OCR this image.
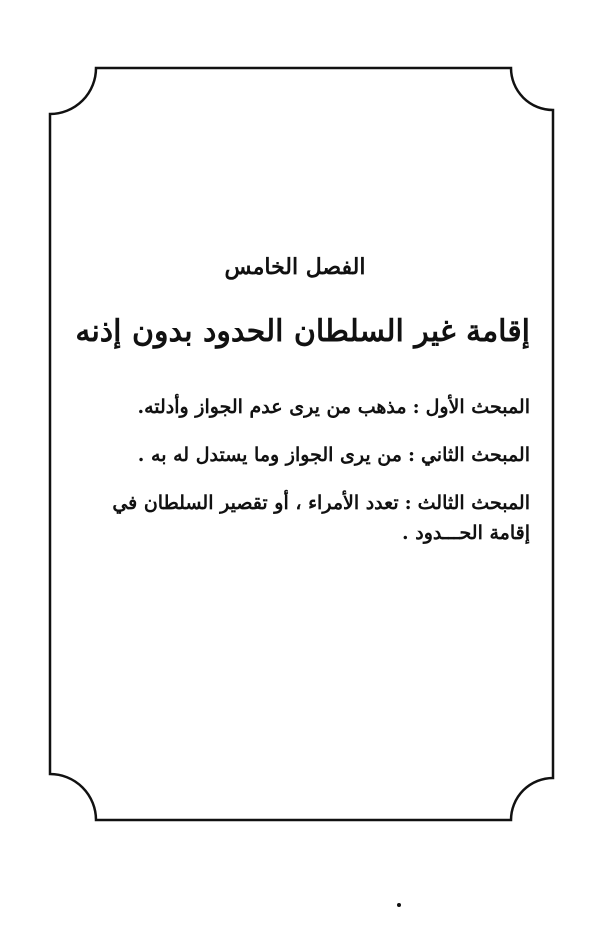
الفصل الخامس
إقامة غير السلطان الحدود بدون إذنه
المبحث الأول:مذهب من يرى عدم الجواز وأدلته.
المبحث الثاني:من يرى الجواز وما يستدل له به .
المبحث الثالث:تعدد الأمراء ، أو تقصير السلطان في
إقامة الحـــدود .
